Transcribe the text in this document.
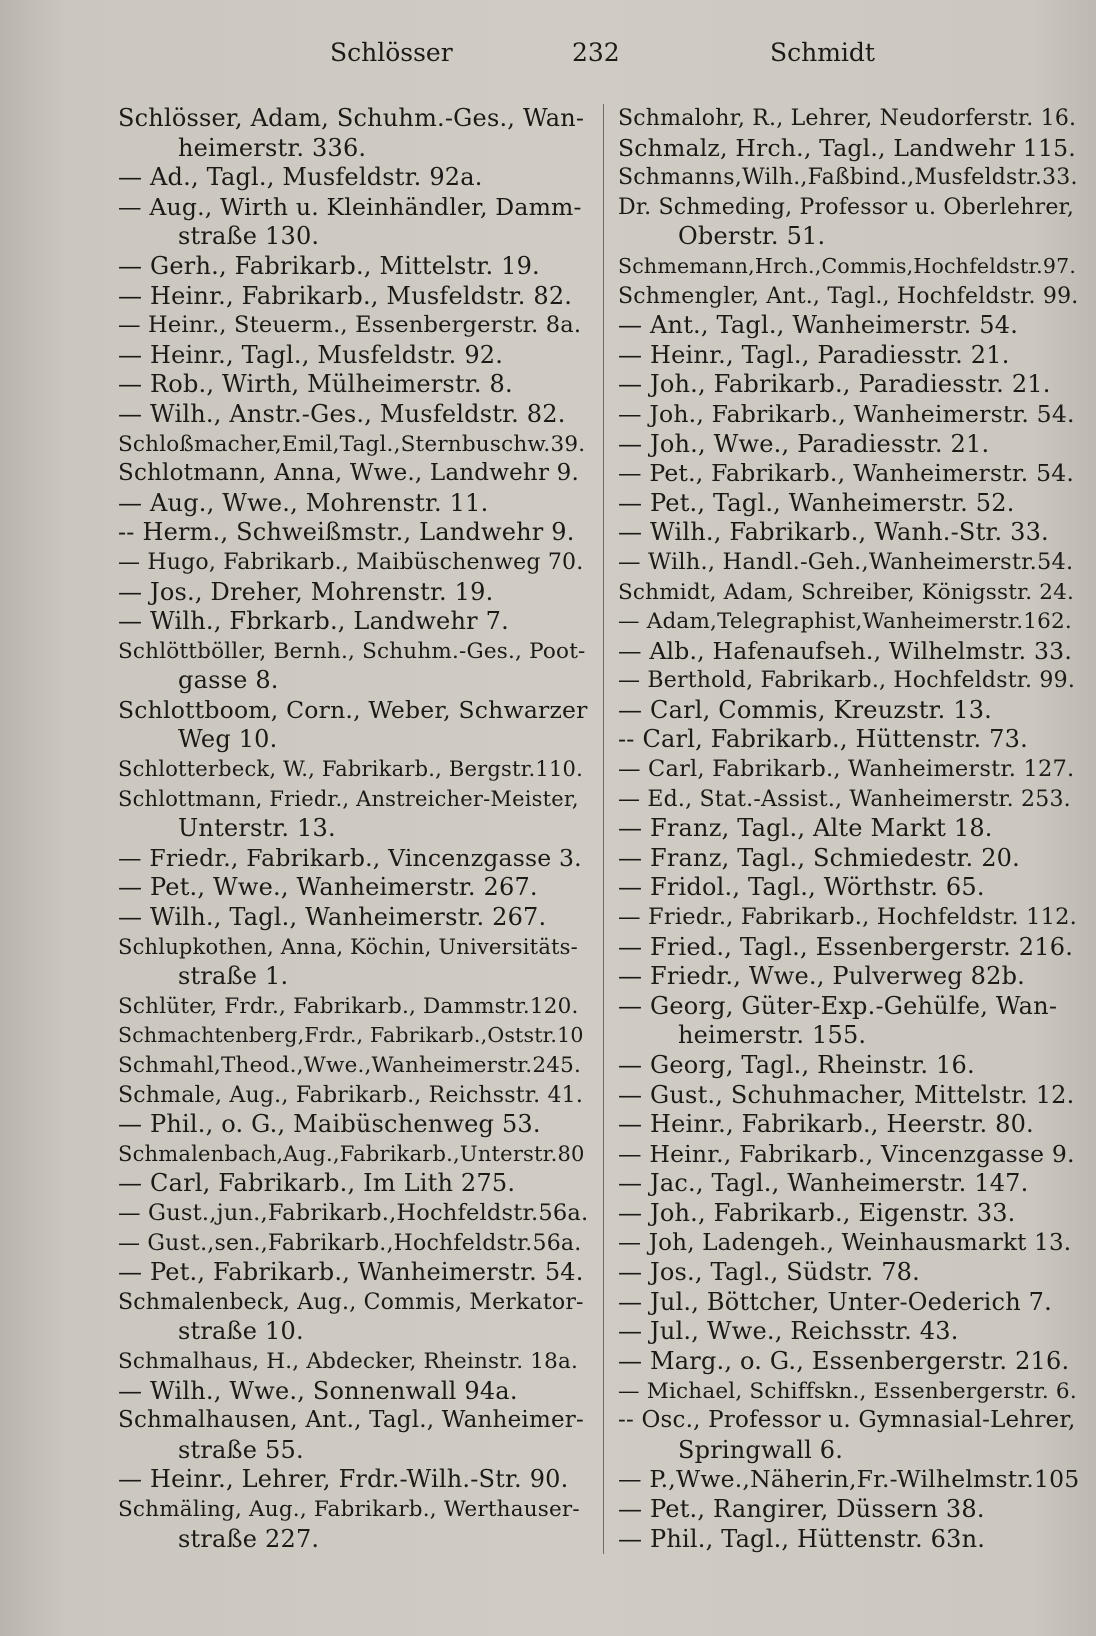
Schlösser	232	Schmidt
Schlösser, Adam, Schuhm.-Ges., Wan-
heimerstr. 336.
— Ad., Tagl., Musfeldstr. 92a.
— Aug., Wirth u. Kleinhändler, Damm-
straße 130.
— Gerh., Fabrikarb., Mittelstr. 19.
— Heinr., Fabrikarb., Musfeldstr. 82.
— Heinr., Steuerm., Essenbergerstr. 8a.
— Heinr., Tagl., Musfeldstr. 92.
— Rob., Wirth, Mülheimerstr. 8.
— Wilh., Anstr.-Ges., Musfeldstr. 82.
Schloßmacher,Emil,Tagl.,Sternbuschw.39.
Schlotmann, Anna, Wwe., Landwehr 9.
— Aug., Wwe., Mohrenstr. 11.
-- Herm., Schweißmstr., Landwehr 9.
— Hugo, Fabrikarb., Maibüschenweg 70.
— Jos., Dreher, Mohrenstr. 19.
— Wilh., Fbrkarb., Landwehr 7.
Schlöttböller, Bernh., Schuhm.-Ges., Poot-
gasse 8.
Schlottboom, Corn., Weber, Schwarzer
Weg 10.
Schlotterbeck, W., Fabrikarb., Bergstr.110.
Schlottmann, Friedr., Anstreicher-Meister,
Unterstr. 13.
— Friedr., Fabrikarb., Vincenzgasse 3.
— Pet., Wwe., Wanheimerstr. 267.
— Wilh., Tagl., Wanheimerstr. 267.
Schlupkothen, Anna, Köchin, Universitäts-
straße 1.
Schlüter, Frdr., Fabrikarb., Dammstr.120.
Schmachtenberg,Frdr., Fabrikarb.,Oststr.10
Schmahl,Theod.,Wwe.,Wanheimerstr.245.
Schmale, Aug., Fabrikarb., Reichsstr. 41.
— Phil., o. G., Maibüschenweg 53.
Schmalenbach,Aug.,Fabrikarb.,Unterstr.80
— Carl, Fabrikarb., Im Lith 275.
— Gust.,jun.,Fabrikarb.,Hochfeldstr.56a.
— Gust.,sen.,Fabrikarb.,Hochfeldstr.56a.
— Pet., Fabrikarb., Wanheimerstr. 54.
Schmalenbeck, Aug., Commis, Merkator-
straße 10.
Schmalhaus, H., Abdecker, Rheinstr. 18a.
— Wilh., Wwe., Sonnenwall 94a.
Schmalhausen, Ant., Tagl., Wanheimer-
straße 55.
— Heinr., Lehrer, Frdr.-Wilh.-Str. 90.
Schmäling, Aug., Fabrikarb., Werthauser-
straße 227.
Schmalohr, R., Lehrer, Neudorferstr. 16.
Schmalz, Hrch., Tagl., Landwehr 115.
Schmanns,Wilh.,Faßbind.,Musfeldstr.33.
Dr. Schmeding, Professor u. Oberlehrer,
Oberstr. 51.
Schmemann,Hrch.,Commis,Hochfeldstr.97.
Schmengler, Ant., Tagl., Hochfeldstr. 99.
— Ant., Tagl., Wanheimerstr. 54.
— Heinr., Tagl., Paradiesstr. 21.
— Joh., Fabrikarb., Paradiesstr. 21.
— Joh., Fabrikarb., Wanheimerstr. 54.
— Joh., Wwe., Paradiesstr. 21.
— Pet., Fabrikarb., Wanheimerstr. 54.
— Pet., Tagl., Wanheimerstr. 52.
— Wilh., Fabrikarb., Wanh.-Str. 33.
— Wilh., Handl.-Geh.,Wanheimerstr.54.
Schmidt, Adam, Schreiber, Königsstr. 24.
— Adam,Telegraphist,Wanheimerstr.162.
— Alb., Hafenaufseh., Wilhelmstr. 33.
— Berthold, Fabrikarb., Hochfeldstr. 99.
— Carl, Commis, Kreuzstr. 13.
-- Carl, Fabrikarb., Hüttenstr. 73.
— Carl, Fabrikarb., Wanheimerstr. 127.
— Ed., Stat.-Assist., Wanheimerstr. 253.
— Franz, Tagl., Alte Markt 18.
— Franz, Tagl., Schmiedestr. 20.
— Fridol., Tagl., Wörthstr. 65.
— Friedr., Fabrikarb., Hochfeldstr. 112.
— Fried., Tagl., Essenbergerstr. 216.
— Friedr., Wwe., Pulverweg 82b.
— Georg, Güter-Exp.-Gehülfe, Wan-
heimerstr. 155.
— Georg, Tagl., Rheinstr. 16.
— Gust., Schuhmacher, Mittelstr. 12.
— Heinr., Fabrikarb., Heerstr. 80.
— Heinr., Fabrikarb., Vincenzgasse 9.
— Jac., Tagl., Wanheimerstr. 147.
— Joh., Fabrikarb., Eigenstr. 33.
— Joh, Ladengeh., Weinhausmarkt 13.
— Jos., Tagl., Südstr. 78.
— Jul., Böttcher, Unter-Oederich 7.
— Jul., Wwe., Reichsstr. 43.
— Marg., o. G., Essenbergerstr. 216.
— Michael, Schiffskn., Essenbergerstr. 6.
-- Osc., Professor u. Gymnasial-Lehrer,
Springwall 6.
— P.,Wwe.,Näherin,Fr.-Wilhelmstr.105
— Pet., Rangirer, Düssern 38.
— Phil., Tagl., Hüttenstr. 63n.
